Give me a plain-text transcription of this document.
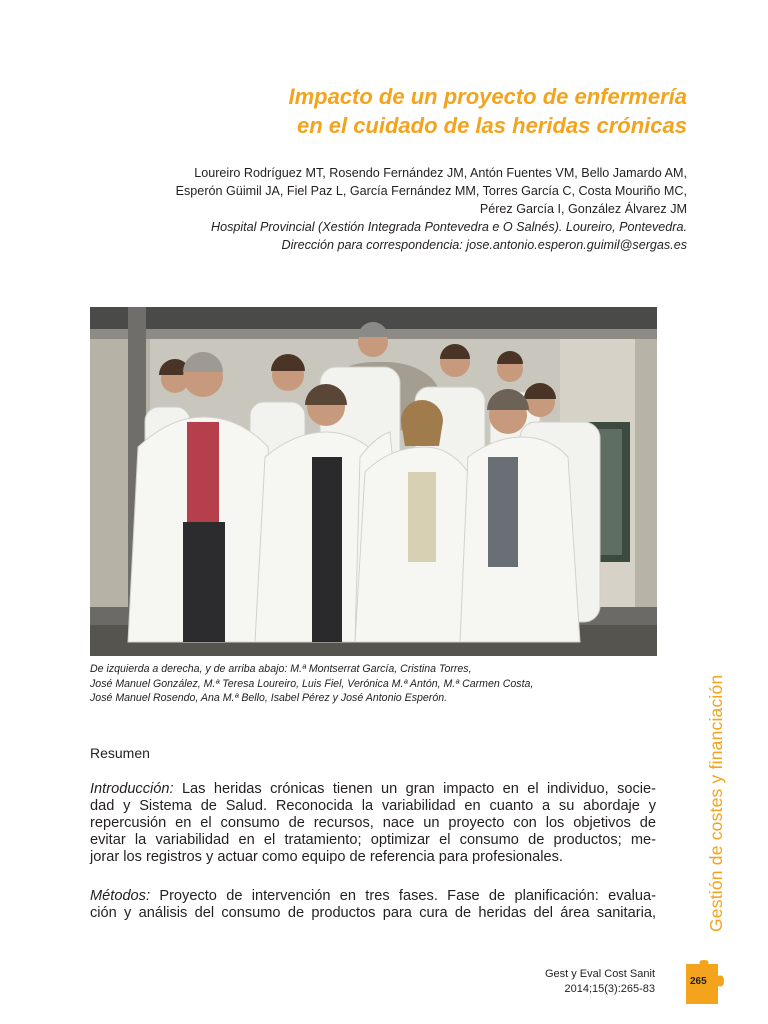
Impacto de un proyecto de enfermería
en el cuidado de las heridas crónicas
Loureiro Rodríguez MT, Rosendo Fernández JM, Antón Fuentes VM, Bello Jamardo AM,
Esperón Güimil JA, Fiel Paz L, García Fernández MM, Torres García C, Costa Mouriño MC,
Pérez García I, González Álvarez JM
Hospital Provincial (Xestión Integrada Pontevedra e O Salnés). Loureiro, Pontevedra.
Dirección para correspondencia: jose.antonio.esperon.guimil@sergas.es
De izquierda a derecha, y de arriba abajo: M.ª Montserrat García, Cristina Torres,
José Manuel González, M.ª Teresa Loureiro, Luis Fiel, Verónica M.ª Antón, M.ª Carmen Costa,
José Manuel Rosendo, Ana M.ª Bello, Isabel Pérez y José Antonio Esperón.
Resumen
Introducción: Las heridas crónicas tienen un gran impacto en el individuo, socie-
dad y Sistema de Salud. Reconocida la variabilidad en cuanto a su abordaje y
repercusión en el consumo de recursos, nace un proyecto con los objetivos de
evitar la variabilidad en el tratamiento; optimizar el consumo de productos; me-
jorar los registros y actuar como equipo de referencia para profesionales.
Métodos: Proyecto de intervención en tres fases. Fase de planificación: evalua-
ción y análisis del consumo de productos para cura de heridas del área sanitaria,	Gestión de costes y financiación
Gest y Eval Cost Sanit
2014;15(3):265-83
265
